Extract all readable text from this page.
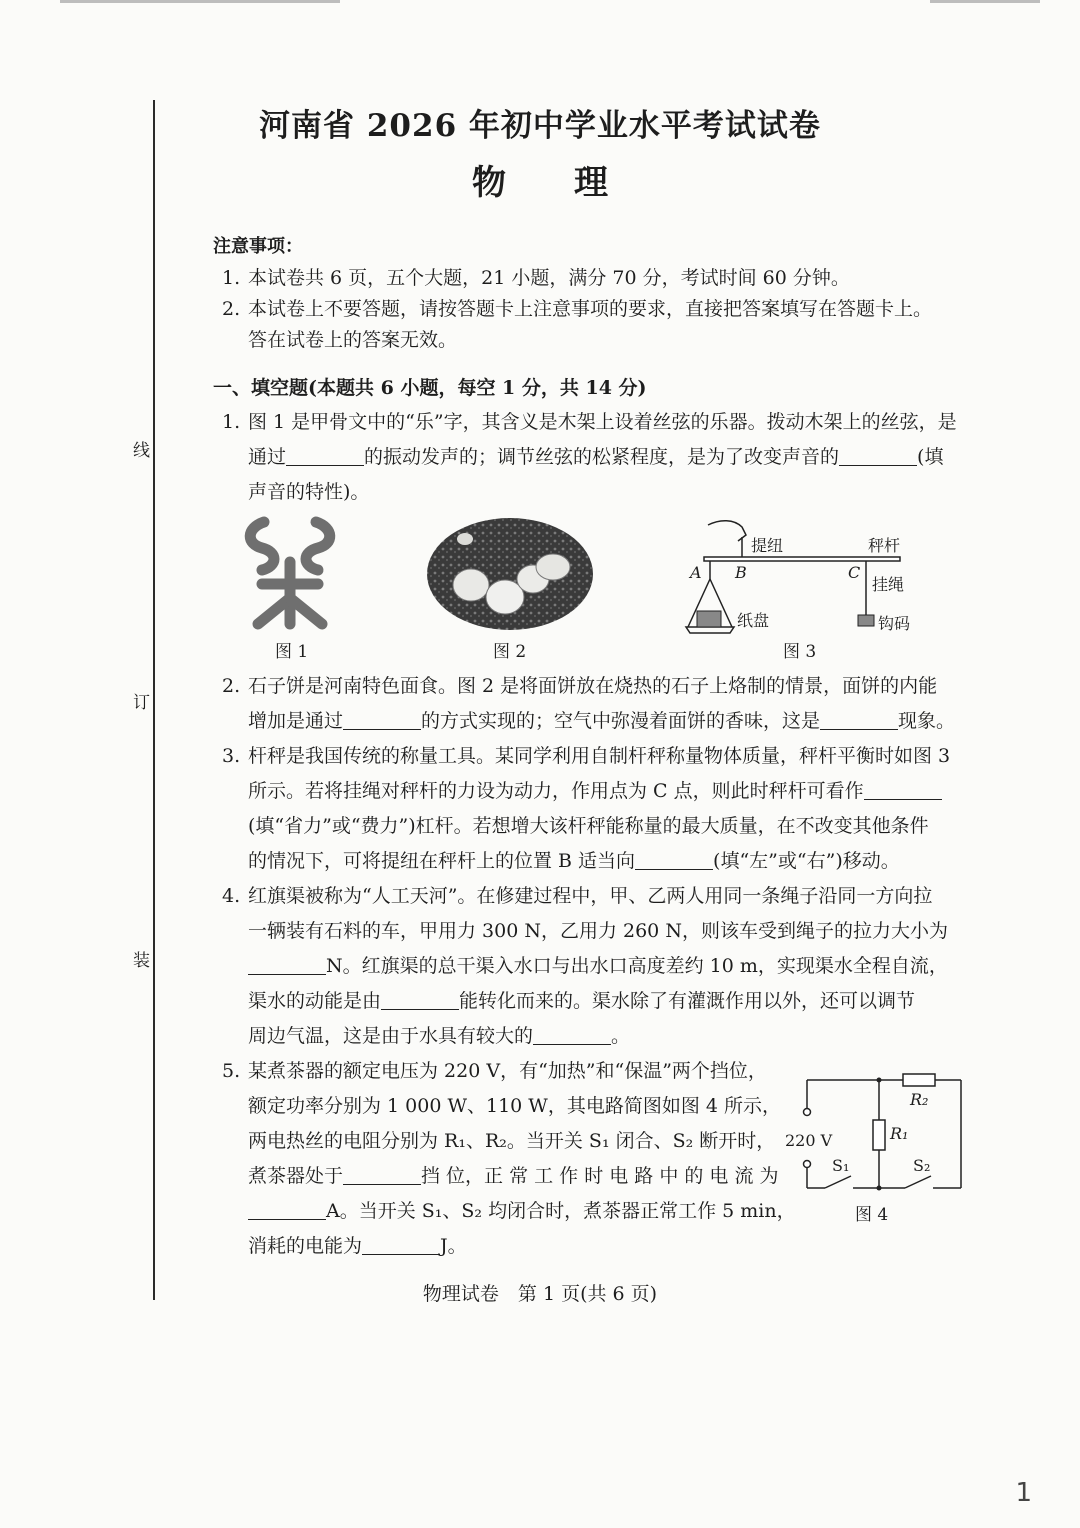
线
订
装
河南省 2026 年初中学业水平考试试卷
物 理
注意事项：
1. 本试卷共 6 页，五个大题，21 小题，满分 70 分，考试时间 60 分钟。
2. 本试卷上不要答题，请按答题卡上注意事项的要求，直接把答案填写在答题卡上。
答在试卷上的答案无效。
一、填空题(本题共 6 小题，每空 1 分，共 14 分)
1. 图 1 是甲骨文中的“乐”字，其含义是木架上设着丝弦的乐器。拨动木架上的丝弦，是
通过	的振动发声的；调节丝弦的松紧程度，是为了改变声音的	(填
声音的特性)。
图 1	图 2
提纽	秤杆
A B	C
挂绳
纸盘	钩码
图 3
2. 石子饼是河南特色面食。图 2 是将面饼放在烧热的石子上烙制的情景，面饼的内能
增加是通过	的方式实现的；空气中弥漫着面饼的香味，这是	现象。
3. 杆秤是我国传统的称量工具。某同学利用自制杆秤称量物体质量，秤杆平衡时如图 3
所示。若将挂绳对秤杆的力设为动力，作用点为 C 点，则此时秤杆可看作
(填“省力”或“费力”)杠杆。若想增大该杆秤能称量的最大质量，在不改变其他条件
的情况下，可将提纽在秤杆上的位置 B 适当向	(填“左”或“右”)移动。
4. 红旗渠被称为“人工天河”。在修建过程中，甲、乙两人用同一条绳子沿同一方向拉
一辆装有石料的车，甲用力 300 N，乙用力 260 N，则该车受到绳子的拉力大小为
N。红旗渠的总干渠入水口与出水口高度差约 10 m，实现渠水全程自流，
渠水的动能是由	能转化而来的。渠水除了有灌溉作用以外，还可以调节
周边气温，这是由于水具有较大的	。
5. 某煮茶器的额定电压为 220 V，有“加热”和“保温”两个挡位，
额定功率分别为 1 000 W、110 W，其电路简图如图 4 所示，
两电热丝的电阻分别为 R₁、R₂。当开关 S₁ 闭合、S₂ 断开时，
煮茶器处于	挡 位，正 常 工 作 时 电 路 中 的 电 流 为
A。当开关 S₁、S₂ 均闭合时，煮茶器正常工作 5 min，
消耗的电能为	J。
R₂
R₁
220 V
S₁	S₂
图 4
物理试卷　第 1 页(共 6 页)
1
